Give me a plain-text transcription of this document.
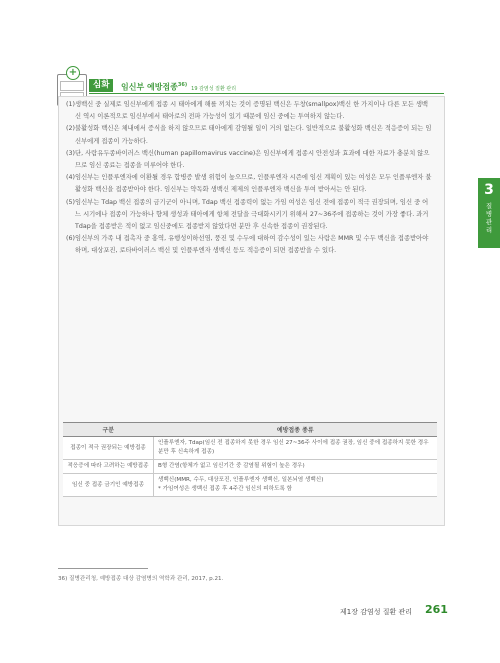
3
질병 관리
+
심화	임신부 예방접종$^{36)}$19 감염성 질환 관리

(1) 생백신 중 실제로 임신부에게 접종 시 태아에게 해를 끼치는 것이 증명된 백신은 두창(smallpox)백신 한 가지이나 다른 모든 생백신 역시 이론적으로 임신부에서 태아로의 전파 가능성이 있기 때문에 임신 중에는 투여하지 않는다.

(2) 불활성화 백신은 체내에서 증식을 하지 않으므로 태아에게 감염될 일이 거의 없는다. 일반적으로 불활성화 백신은 적응증이 되는 임신부에게 접종이 가능하다.

(3) 단, 사람유두종바이러스 백신(human papillomavirus vaccine)은 임신부에게 접종시 안전성과 효과에 대한 자료가 충분치 않으므로 임신 종료는 접종을 미루어야 한다.

(4) 임신부는 인플루엔자에 이환될 경우 합병증 발생 위험이 높으므로, 인플루엔자 시즌에 임신 계획이 있는 여성은 모두 인플루엔자 불활성화 백신을 접종받아야 한다. 임신부는 약독화 생백신 제제의 인플루엔자 백신을 투여 받아서는 안 된다.

(5) 임신부는 Tdap 백신 접종의 금기군이 아니며, Tdap 백신 접종력이 없는 가임 여성은 임신 전에 접종이 적극 권장되며, 임신 중 어느 시기에나 접종이 가능하나 향체 생성과 태아에게 항체 전달을 극대화시키기 위해서 27~36주에 접종하는 것이 가장 좋다. 과거 Tdap을 접종받은 적이 없고 임신중에도 접종받지 않았다면 분만 후 신속한 접종이 권장된다.

(6) 임신부의 가족 내 접촉자 중 홍역, 유행성이하선염, 풍진 및 수두에 대하여 감수성이 있는 사람은 MMR 및 수두 백신을 접종받아야 하며, 대상포진, 로타바이러스 백신 및 인플루엔자 생백신 등도 적응증이 되면 접종받을 수 있다.

구분	예방접종 종류
접종이 적극 권장되는 예방접종	인플루엔자, Tdap(임신 전 접종하지 못한 경우 임신 27~36주 사이에 접종 권장, 임신 중에 접종하지 못한 경우 분만 후 신속하게 접종)
적응증에 따라 고려하는 예방접종	B형 간염(항체가 없고 임신기간 중 감염될 위험이 높은 경우)
임신 중 접종 금기인 예방접종	생백신(MMR, 수두, 대상포진, 인플루엔자 생백신, 일본뇌염 생백신)
* 가임여성은 생백신 접종 후 4주간 임신의 피하도록 함
36) 질병관리청, 예방접종 대상 감염병의 역학과 관리, 2017, p.21.
제1장 감염성 질환 관리 261
